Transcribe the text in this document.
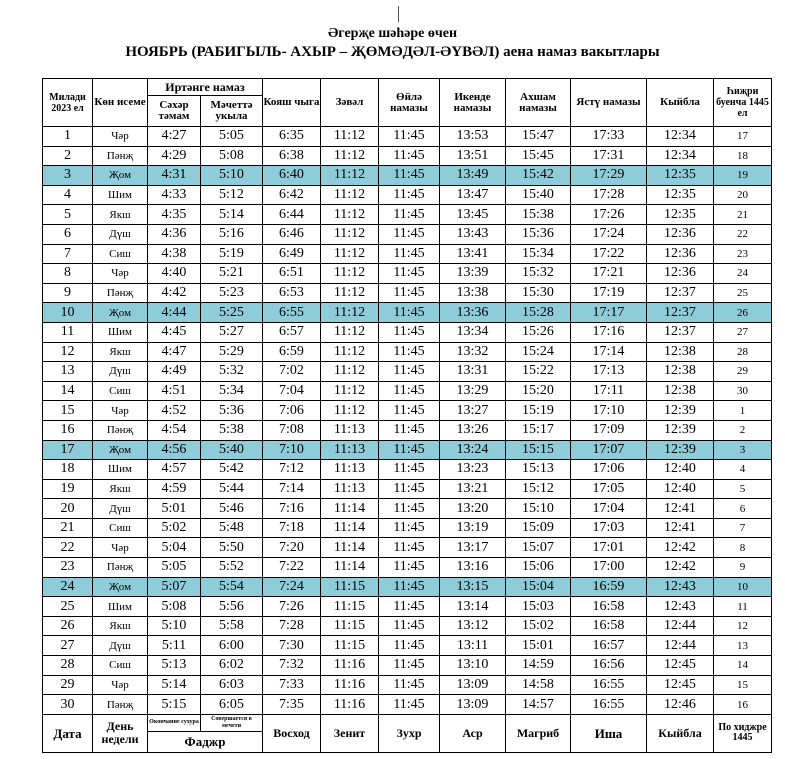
Әгерҗе шәһәре өчен
НОЯБРЬ (РАБИГЫЛЬ- АХЫР – ҖӨМӘДӘЛ-ӘҮВӘЛ) аена намаз вакытлары
Милади 2023 ел	Көн исеме	Иртәнге намаз		Кояш чыга	Зәвәл	Өйлә намазы	Икенде намазы	Ахшам намазы	Ястү намазы	Кыйбла	Һиҗри буенча 1445 ел
		Сәхәр тәмам	Мәчеттә укыла								
1	Чәр	4:27	5:05	6:35	11:12	11:45	13:53	15:47	17:33	12:34	17
2	Пәнҗ	4:29	5:08	6:38	11:12	11:45	13:51	15:45	17:31	12:34	18
3	Җом	4:31	5:10	6:40	11:12	11:45	13:49	15:42	17:29	12:35	19
4	Шим	4:33	5:12	6:42	11:12	11:45	13:47	15:40	17:28	12:35	20
5	Якш	4:35	5:14	6:44	11:12	11:45	13:45	15:38	17:26	12:35	21
6	Дүш	4:36	5:16	6:46	11:12	11:45	13:43	15:36	17:24	12:36	22
7	Сиш	4:38	5:19	6:49	11:12	11:45	13:41	15:34	17:22	12:36	23
8	Чәр	4:40	5:21	6:51	11:12	11:45	13:39	15:32	17:21	12:36	24
9	Пәнҗ	4:42	5:23	6:53	11:12	11:45	13:38	15:30	17:19	12:37	25
10	Җом	4:44	5:25	6:55	11:12	11:45	13:36	15:28	17:17	12:37	26
11	Шим	4:45	5:27	6:57	11:12	11:45	13:34	15:26	17:16	12:37	27
12	Якш	4:47	5:29	6:59	11:12	11:45	13:32	15:24	17:14	12:38	28
13	Дүш	4:49	5:32	7:02	11:12	11:45	13:31	15:22	17:13	12:38	29
14	Сиш	4:51	5:34	7:04	11:12	11:45	13:29	15:20	17:11	12:38	30
15	Чәр	4:52	5:36	7:06	11:12	11:45	13:27	15:19	17:10	12:39	1
16	Пәнҗ	4:54	5:38	7:08	11:13	11:45	13:26	15:17	17:09	12:39	2
17	Җом	4:56	5:40	7:10	11:13	11:45	13:24	15:15	17:07	12:39	3
18	Шим	4:57	5:42	7:12	11:13	11:45	13:23	15:13	17:06	12:40	4
19	Якш	4:59	5:44	7:14	11:13	11:45	13:21	15:12	17:05	12:40	5
20	Дүш	5:01	5:46	7:16	11:14	11:45	13:20	15:10	17:04	12:41	6
21	Сиш	5:02	5:48	7:18	11:14	11:45	13:19	15:09	17:03	12:41	7
22	Чәр	5:04	5:50	7:20	11:14	11:45	13:17	15:07	17:01	12:42	8
23	Пәнҗ	5:05	5:52	7:22	11:14	11:45	13:16	15:06	17:00	12:42	9
24	Җом	5:07	5:54	7:24	11:15	11:45	13:15	15:04	16:59	12:43	10
25	Шим	5:08	5:56	7:26	11:15	11:45	13:14	15:03	16:58	12:43	11
26	Якш	5:10	5:58	7:28	11:15	11:45	13:12	15:02	16:58	12:44	12
27	Дүш	5:11	6:00	7:30	11:15	11:45	13:11	15:01	16:57	12:44	13
28	Сиш	5:13	6:02	7:32	11:16	11:45	13:10	14:59	16:56	12:45	14
29	Чәр	5:14	6:03	7:33	11:16	11:45	13:09	14:58	16:55	12:45	15
30	Пәнҗ	5:15	6:05	7:35	11:16	11:45	13:09	14:57	16:55	12:46	16
Дата	День недели	Окончание сухура	Совершается в мечети	Восход	Зенит	Зухр	Аср	Магриб	Иша	Кыйбла	По хиджре 1445
		Фаджр									
